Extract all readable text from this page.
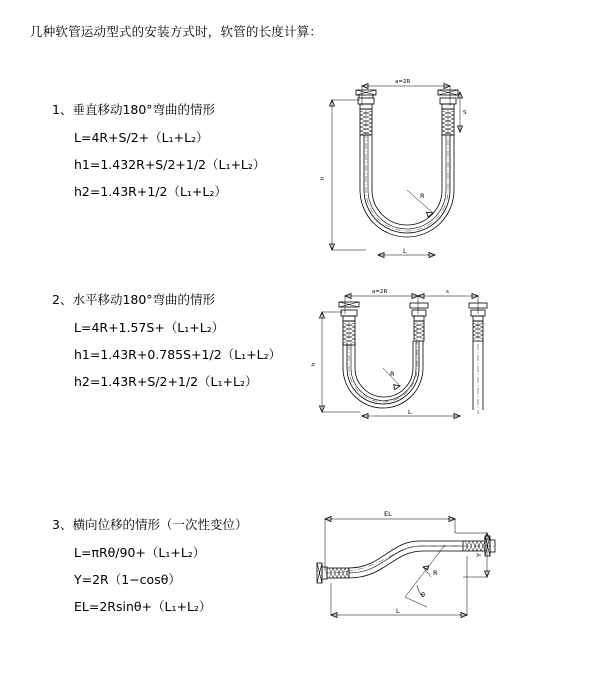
几种软管运动型式的安装方式时，软管的长度计算：
1、垂直移动180°弯曲的情形
L=4R+S/2+（L₁+L₂）
h1=1.432R+S/2+1/2（L₁+L₂）
h2=1.43R+1/2（L₁+L₂）
a=2R
S
h
R
L
2、水平移动180°弯曲的情形
L=4R+1.57S+（L₁+L₂）
h1=1.43R+0.785S+1/2（L₁+L₂）
h2=1.43R+S/2+1/2（L₁+L₂）
a=2R	s
h
R
L
3、横向位移的情形（一次性变位）
L=πRθ/90+（L₁+L₂）
Y=2R（1−cosθ）
EL=2Rsinθ+（L₁+L₂）
EL
Y
θ
R
L
